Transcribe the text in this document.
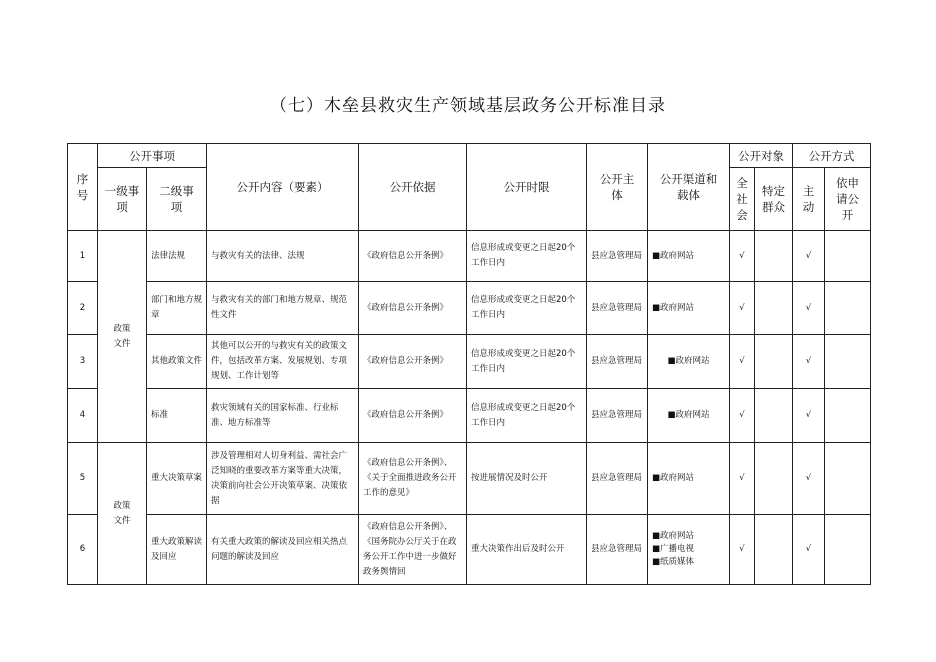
（七）木垒县救灾生产领域基层政务公开标准目录
序
号	公开事项		公开内容（要素）	公开依据	公开时限	公开主
体	公开渠道和
载体	公开对象		公开方式	
	一级事
项	二级事
项						全
社
会	特定
群众	主
动	依申
请公
开
1	政策
文件	法律法规	与救灾有关的法律、法规	《政府信息公开条例》	信息形成或变更之日起20个工作日内	县应急管理局	■政府网站	√		√	
2		部门和地方规章	与救灾有关的部门和地方规章、规范性文件	《政府信息公开条例》	信息形成或变更之日起20个工作日内	县应急管理局	■政府网站	√		√	
3		其他政策文件	其他可以公开的与救灾有关的政策文件，包括改革方案、发展规划、专项规划、工作计划等	《政府信息公开条例》	信息形成或变更之日起20个工作日内	县应急管理局	■政府网站	√		√	
4		标准	救灾领域有关的国家标准、行业标准、地方标准等	《政府信息公开条例》	信息形成或变更之日起20个工作日内	县应急管理局	■政府网站	√		√	
5	政策
文件	重大决策草案	涉及管理相对人切身利益、需社会广泛知晓的重要改革方案等重大决策，决策前向社会公开决策草案、决策依据	《政府信息公开条例》、《关于全面推进政务公开工作的意见》	按进展情况及时公开	县应急管理局	■政府网站	√		√	
6		重大政策解读及回应	有关重大政策的解读及回应相关热点问题的解读及回应	《政府信息公开条例》、《国务院办公厅关于在政务公开工作中进一步做好政务舆情回	重大决策作出后及时公开	县应急管理局	■政府网站
■广播电视
■纸质媒体	√		√	
